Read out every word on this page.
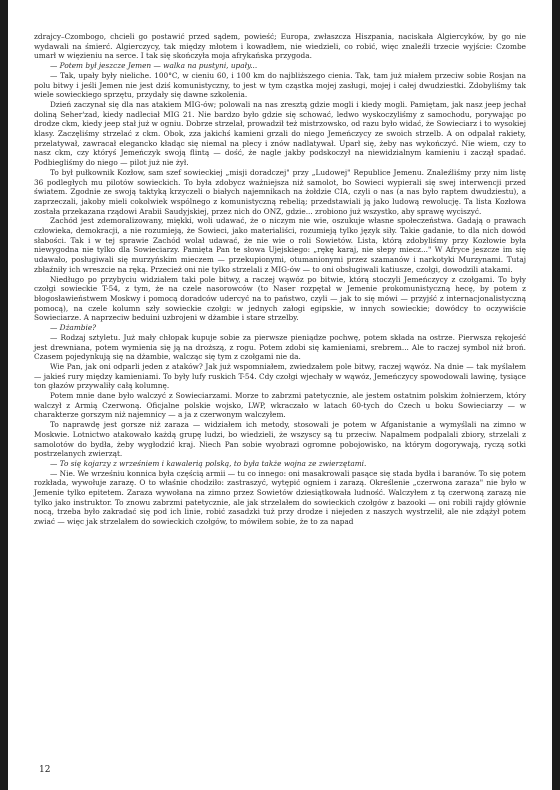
zdrajcy–Czombogo, chcieli go postawić przed sądem, powieść; Europa, zwłaszcza Hiszpania, naciskała Algiercyków, by go nie wydawali na śmierć. Algierczycy, tak między młotem i kowadłem, nie wiedzieli, co robić, więc znaleźli trzecie wyjście: Czombe umarł w więzieniu na serce. I tak się skończyła moja afrykańska przygoda.

— Potem był jeszcze Jemen — walka na pustyni, upały...

— Tak, upały były nieliche. 100°C, w cieniu 60, i 100 km do najbliższego cienia. Tak, tam już miałem przeciw sobie Rosjan na polu bitwy i jeśli Jemen nie jest dziś komunistyczny, to jest w tym cząstka mojej zasługi, mojej i całej dwudziestki. Zdobyliśmy tak wiele sowieckiego sprzętu, przydały się dawne szkolenia.

Dzień zaczynał się dla nas atakiem MIG-ów; polowali na nas zresztą gdzie mogli i kiedy mogli. Pamiętam, jak nasz jeep jechał doliną Seher'zad, kiedy nadleciał MIG 21. Nie bardzo było gdzie się schować, ledwo wyskoczyliśmy z samochodu, porywając po drodze ckm, kiedy jeep stał już w ogniu. Dobrze strzelał, prowadził też mistrzowsko, od razu było widać, że Sowieciarz i to wysokiej klasy. Zaczęliśmy strzelać z ckm. Obok, zza jakichś kamieni grzali do niego Jemeńczycy ze swoich strzelb. A on odpalał rakiety, przelatywał, zawracał elegancko kładąc się niemal na plecy i znów nadlatywał. Uparł się, żeby nas wykończyć. Nie wiem, czy to nasz ckm, czy któryś Jemeńczyk swoją flintą — dość, że nagle jakby podskoczył na niewidzialnym kamieniu i zaczął spadać. Podbiegliśmy do niego — pilot już nie żył.

To był pułkownik Kozłow, sam szef sowieckiej „misji doradczej" przy „Ludowej" Republice Jemenu. Znaleźliśmy przy nim listę 36 podległych mu pilotów sowieckich. To była zdobycz ważniejsza niż samolot, bo Sowieci wypierali się swej interwencji przed światem. Zgodnie ze swoją taktyką krzyczeli o białych najemnikach na żołdzie CIA, czyli o nas (a nas było raptem dwudziestu), a zaprzeczali, jakoby mieli cokolwiek wspólnego z komunistyczną rebelią; przedstawiali ją jako ludową rewolucję. Ta lista Kozłowa została przekazana rządowi Arabii Saudyjskiej, przez nich do ONZ, gdzie... zrobiono już wszystko, aby sprawę wyciszyć.

Zachód jest zdemoralizowany, miękki, woli udawać, że o niczym nie wie, oszukuje własne społeczeństwa. Gadają o prawach człowieka, demokracji, a nie rozumieją, że Sowieci, jako materialiści, rozumieją tylko język siły. Takie gadanie, to dla nich dowód słabości. Tak i w tej sprawie Zachód wolał udawać, że nie wie o roli Sowietów. Lista, którą zdobyliśmy przy Kozłowie była niewygodna nie tylko dla Sowieciarzy. Pamięta Pan te słowa Ujejskiego: „rękę karaj, nie słepy miecz..." W Afryce jeszcze im się udawało, posługiwali się murzyńskim mieczem — przekupionymi, otumanionymi przez szamanów i narkotyki Murzynami. Tutaj zbłaźniły ich wreszcie na ręką. Przecież oni nie tylko strzelali z MIG-ów — to oni obsługiwali katiusze, czołgi, dowodzili atakami.

Niedługo po przybyciu widziałem taki pole bitwy, a raczej wąwóz po bitwie, którą stoczyli Jemeńczycy z czołgami. To były czołgi sowieckie T-54, z tym, że na czele nasorowców (to Naser rozpętał w Jemenie prokomunistyczną hecę, by potem z błogosławieństwem Moskwy i pomocą doradców udercyć na to państwo, czyli — jak to się mówi — przyjść z internacjonalistyczną pomocą), na czele kolumn szły sowieckie czołgi: w jednych załogi egipskie, w innych sowieckie; dowódcy to oczywiście Sowieciarze. A naprzeciw beduini uzbrojeni w dżambie i stare strzelby.

— Dżambie?

— Rodzaj sztyletu. Już mały chłopak kupuje sobie za pierwsze pieniądze pochwę, potem składa na ostrze. Pierwsza rękojeść jest drewniana, potem wymienia się ją na droższą, z rogu. Potem zdobi się kamieniami, srebrem... Ale to raczej symbol niż broń. Czasem pojedynkują się na dżambie, walcząc się tym z czołgami nie da.

Wie Pan, jak oni odparli jeden z ataków? Jak już wspomniałem, zwiedzałem pole bitwy, raczej wąwóz. Na dnie — tak myślałem — jakieś rury między kamieniami. To były lufy ruskich T-54. Cdy czołgi wjechały w wąwóz, Jemeńczycy spowodowali lawinę, tysiące ton głazów przywaliły całą kolumnę.

Potem mnie dane było walczyć z Sowieciarzami. Morze to zabrzmi patetycznie, ale jestem ostatnim polskim żołnierzem, który walczył z Armią Czerwoną. Oficjalne polskie wojsko, LWP, wkraczało w latach 60-tych do Czech u boku Sowieciarzy — w charakterze gorszym niż najemnicy — a ja z czerwonym walczyłem.

To naprawdę jest gorsze niż zaraza — widziałem ich metody, stosowali je potem w Afganistanie a wymyślali na zimno w Moskwie. Lotnictwo atakowało każdą grupę ludzi, bo wiedzieli, że wszyscy są tu przeciw. Napalmem podpalali zbiory, strzelali z samolotów do bydła, żeby wygłodzić kraj. Niech Pan sobie wyobrazi ogromne pobojowisko, na którym dogorywają, ryczą sotki postrzelanych zwierząt.

— To się kojarzy z wrześniem i kawalerią polską, to była także wojna ze zwierzętami.

— Nie. We wrześniu konnica była częścią armii — tu co innego: oni masakrowali pasące się stada bydła i baranów. To się potem rozkłada, wywołuje zarazę. O to właśnie chodziło: zastraszyć, wytępić ogniem i zarazą. Określenie „czerwona zaraza" nie było w Jemenie tylko epitetem. Zaraza wywołana na zimno przez Sowietów dziesiątkowała ludność. Walczyłem z tą czerwoną zarazą nie tylko jako instruktor. To znowu zabrzmi patetycznie, ale jak strzelałem do sowieckich czołgów z bazooki — oni robili rajdy głównie nocą, trzeba było zakradać się pod ich linie, robić zasadzki tuż przy drodze i niejeden z naszych wystrzelił, ale nie zdążył potem zwiać — więc jak strzelałem do sowieckich czołgów, to mówiłem sobie, że to za napad

12
